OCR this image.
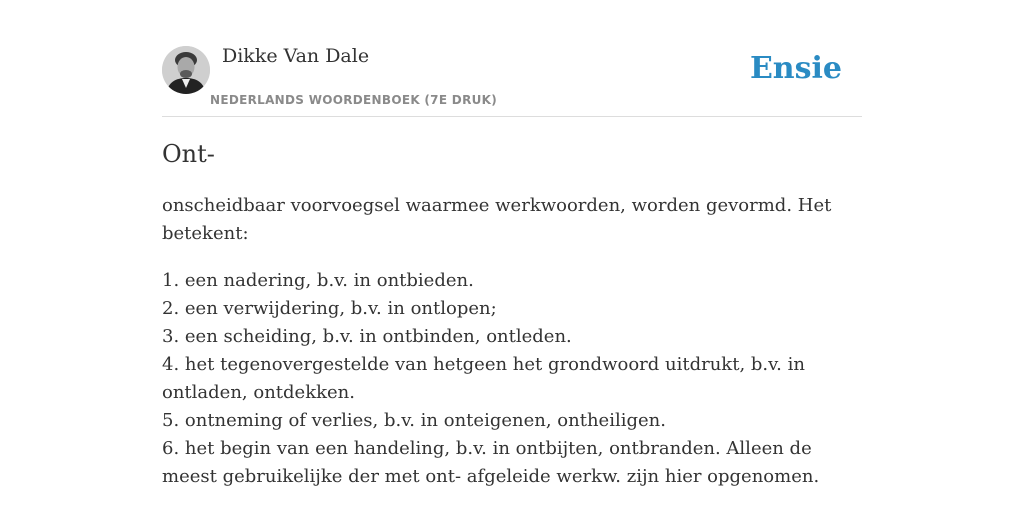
Dikke Van Dale
NEDERLANDS WOORDENBOEK (7E DRUK)
Ensie
Ont-

onscheidbaar voorvoegsel waarmee werkwoorden, worden gevormd. Het betekent:

1. een nadering, b.v. in ontbieden.

2. een verwijdering, b.v. in ontlopen;

3. een scheiding, b.v. in ontbinden, ontleden.

4. het tegenovergestelde van hetgeen het grondwoord uitdrukt, b.v. in ontladen, ontdekken.

5. ontneming of verlies, b.v. in onteigenen, ontheiligen.

6. het begin van een handeling, b.v. in ontbijten, ontbranden. Alleen de meest gebruikelijke der met ont- afgeleide werkw. zijn hier opgenomen.
